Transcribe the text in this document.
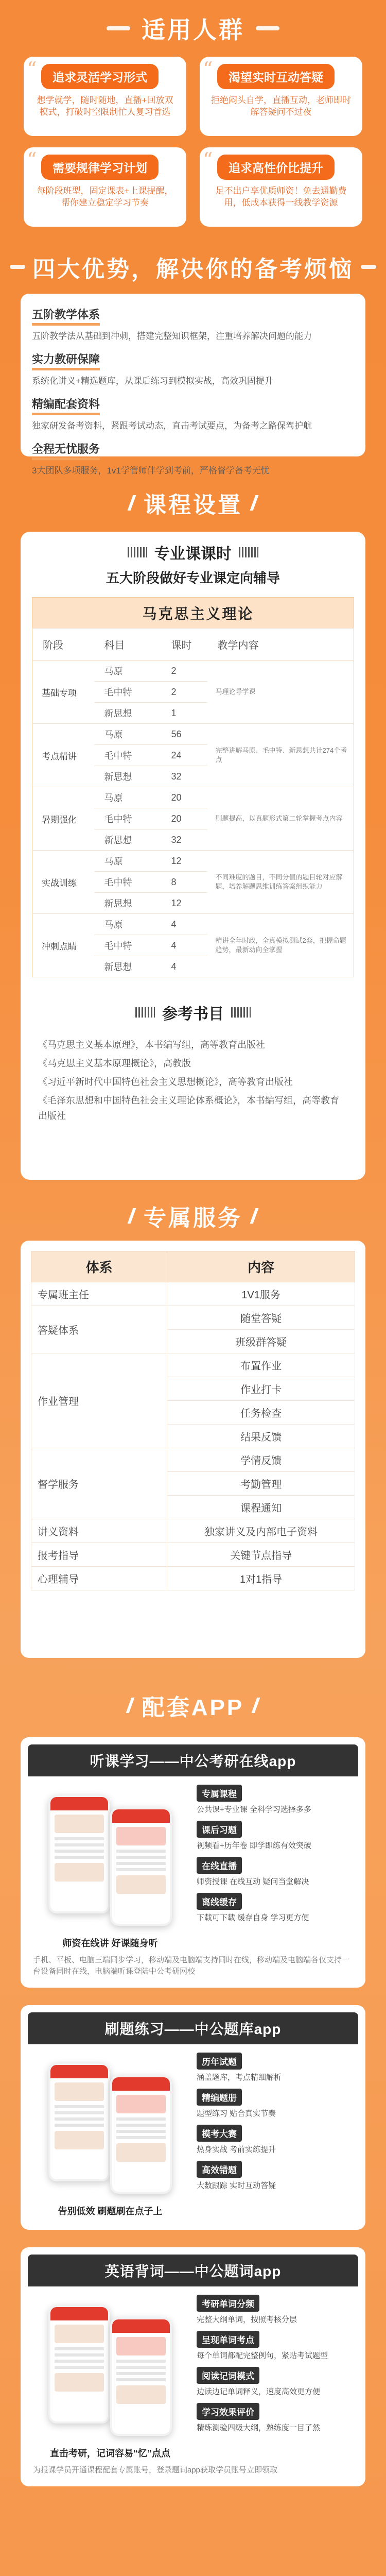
适用人群
“ 追求灵活学习形式

想学就学，随时随地，直播+回放双模式，打破时空限制忙人复习首选

“ 渴望实时互动答疑

拒绝闷头自学，直播互动，老师即时解答疑问不过夜

“ 需要规律学习计划

每阶段班型，固定课表+上课提醒，帮你建立稳定学习节奏

“ 追求高性价比提升

足不出户享优质师资！免去通勤费用，低成本获得一线教学资源

四大优势，解决你的备考烦恼
五阶教学体系

五阶教学法从基础到冲刺，搭建完整知识框架，注重培养解决问题的能力

实力教研保障

系统化讲义+精选题库，从课后练习到模拟实战，高效巩固提升

精编配套资料

独家研发备考资料，紧跟考试动态，直击考试要点，为备考之路保驾护航

全程无忧服务

3大团队多项服务，1v1学管师伴学到考前，严格督学备考无忧

课程设置
专业课课时
五大阶段做好专业课定向辅导
马克思主义理论			
阶段	科目	课时	教学内容
基础专项	马原	2	马理论导学课
	毛中特	2	
	新思想	1	
考点精讲	马原	56	完整讲解马原、毛中特、新思想共计274个考点
	毛中特	24	
	新思想	32	
暑期强化	马原	20	刷题提高，以真题形式第二轮掌握考点内容
	毛中特	20	
	新思想	32	
实战训练	马原	12	不同难度的题目，不同分值的题目轮对应解题，培养解题思维训练答案组织能力
	毛中特	8	
	新思想	12	
冲刺点睛	马原	4	精讲全年时政，全真模拟测试2套，把握命题趋势，最新动向全掌握
	毛中特	4	
	新思想	4	
参考书目

《马克思主义基本原理》，本书编写组，高等教育出版社

《马克思主义基本原理概论》，高教版

《习近平新时代中国特色社会主义思想概论》，高等教育出版社

《毛泽东思想和中国特色社会主义理论体系概论》，本书编写组，高等教育出版社

专属服务
体系	内容
专属班主任	1V1服务
答疑体系	随堂答疑
	班级群答疑
作业管理	布置作业
	作业打卡
	任务检查
	结果反馈
督学服务	学情反馈
	考勤管理
	课程通知
讲义资料	独家讲义及内部电子资料
报考指导	关键节点指导
心理辅导	1对1指导
配套APP
听课学习——中公考研在线app
师资在线讲 好课随身听
专属课程

公共课+专业课 全科学习选择多多

课后习题

视频看+历年卷 即学即练有效突破

在线直播

师资授课 在线互动 疑问当堂解决

离线缓存

下载可下载 缓存自身 学习更方便

手机、平板、电脑三端同步学习，移动端及电脑端支持同时在线，移动端及电脑端各仅支持一台设备同时在线，电脑端听课登陆中公考研网校
刷题练习——中公题库app
告别低效 刷题刷在点子上
历年试题

涵盖题库，考点精细解析

精编题册

题型练习 贴合真实节奏

模考大赛

热身实战 考前实练提升

高效错题

大数跟踪 实时互动答疑

英语背词——中公题词app
直击考研，记词容易“忆”点点
考研单词分频

完整大纲单词，按照考核分层

呈现单词考点

每个单词都配完整例句，紧贴考试题型

阅读记词模式

边读边记单词释义，速度高效更方便

学习效果评价

精练测验四级大纲，熟练度一目了然

为报课学员开通课程配套专属账号，登录题词app获取学员账号立即领取
